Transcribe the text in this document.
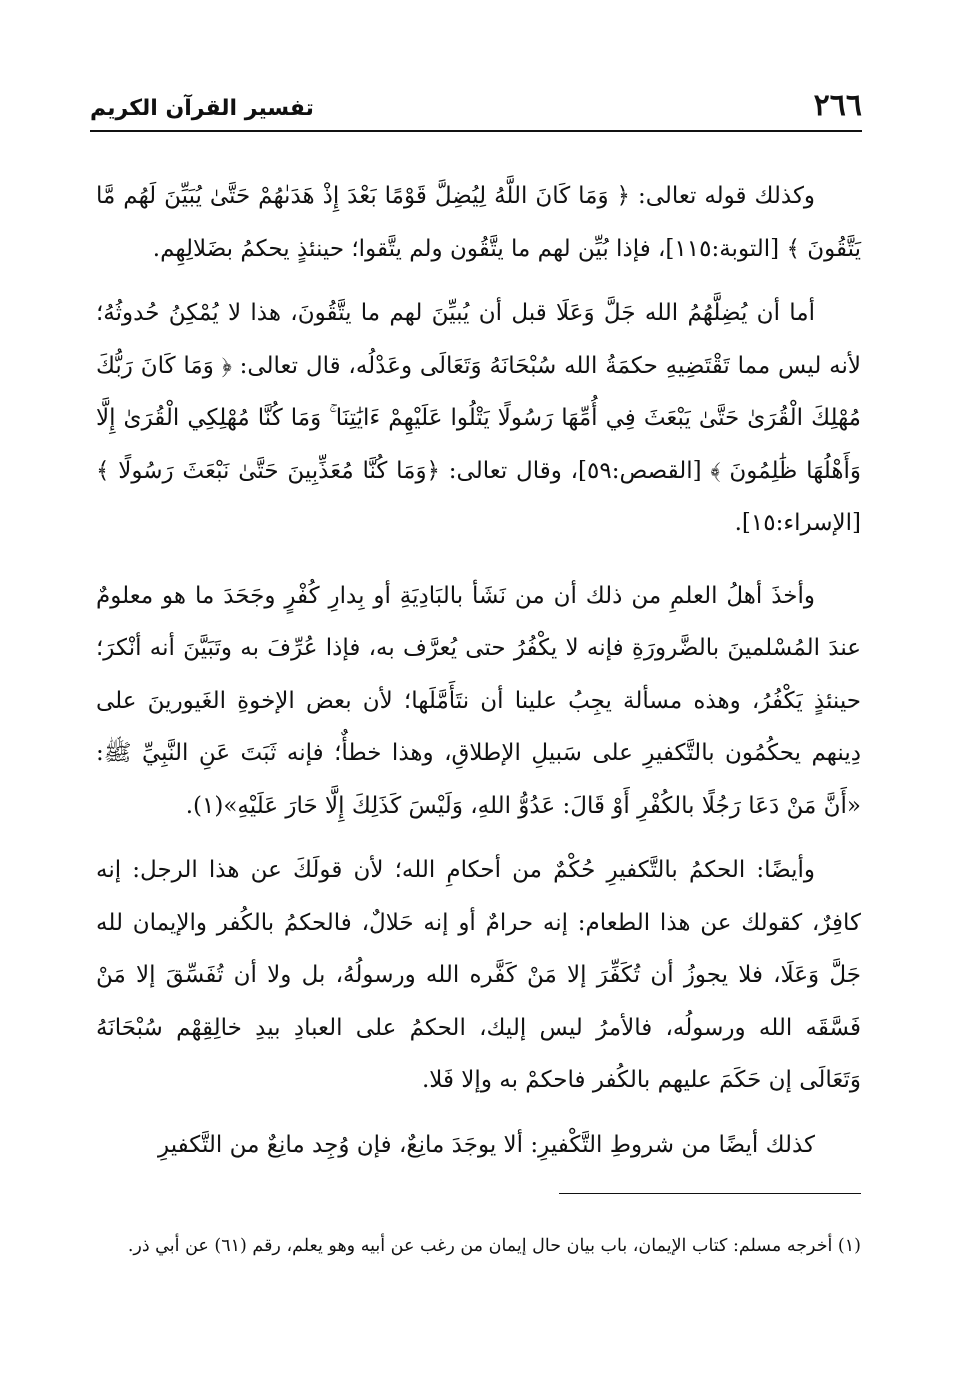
٢٦٦
تفسير القرآن الكريم

وكذلك قوله تعالى: ﴿ وَمَا كَانَ اللَّهُ لِيُضِلَّ قَوْمًا بَعْدَ إِذْ هَدَىٰهُمْ حَتَّىٰ يُبَيِّنَ لَهُم مَّا يَتَّقُونَ ﴾ [التوبة:١١٥]، فإذا بُيِّن لهم ما يتَّقُون ولم يتَّقوا؛ حينئذٍ يحكمُ بضَلالِهِم.

أما أن يُضِلَّهُمُ الله جَلَّ وَعَلَا قبل أن يُبيِّنَ لهم ما يتَّقُونَ، هذا لا يُمْكِنُ حُدوثُهُ؛ لأنه ليس مما تَقْتَضِيهِ حكمَةُ الله سُبْحَانَهُ وَتَعَالَى وعَدْلُه، قال تعالى: ﴿ وَمَا كَانَ رَبُّكَ مُهْلِكَ الْقُرَىٰ حَتَّىٰ يَبْعَثَ فِي أُمِّهَا رَسُولًا يَتْلُوا عَلَيْهِمْ ءَايَٰتِنَا ۚ وَمَا كُنَّا مُهْلِكِي الْقُرَىٰ إِلَّا وَأَهْلُهَا ظَٰلِمُونَ ﴾ [القصص:٥٩]، وقال تعالى: ﴿وَمَا كُنَّا مُعَذِّبِينَ حَتَّىٰ نَبْعَثَ رَسُولًا ﴾ [الإسراء:١٥].

وأخذَ أهلُ العلمِ من ذلك أن من نَشَأ بالبَادِيَةِ أو بِدارِ كُفْرٍ وجَحَدَ ما هو معلومٌ عندَ المُسْلمينَ بالضَّرورَةِ فإنه لا يكْفُرُ حتى يُعرَّف به، فإذا عُرِّفَ به وتَبَيَّنَ أنه أنْكرَ؛ حينئذٍ يَكْفُرُ، وهذه مسألة يجِبُ علينا أن نتَأَمَّلَها؛ لأن بعض الإخوةِ الغَيورينَ على دِينهم يحكُمُون بالتَّكفيرِ على سَبيلِ الإطلاقِ، وهذا خطأٌ؛ فإنه ثَبَتَ عَنِ النَّبِيِّ ﷺ: «أَنَّ مَنْ دَعَا رَجُلًا بالكُفْرِ أَوْ قَالَ: عَدُوُّ اللهِ، وَلَيْسَ كَذَلِكَ إِلَّا حَارَ عَلَيْهِ»(١).

وأيضًا: الحكمُ بالتَّكفيرِ حُكْمٌ من أحكامِ الله؛ لأن قولَكَ عن هذا الرجل: إنه كافِرٌ، كقولك عن هذا الطعام: إنه حرامٌ أو إنه حَلالٌ، فالحكمُ بالكُفر والإيمان لله جَلَّ وَعَلَا، فلا يجوزُ أن تُكَفِّرَ إلا مَنْ كَفَّره الله ورسولُهُ، بل ولا أن تُفَسِّقَ إلا مَنْ فَسَّقَه الله ورسولُه، فالأمرُ ليس إليك، الحكمُ على العبادِ بيدِ خالِقِهْم سُبْحَانَهُ وَتَعَالَى إن حَكَمَ عليهم بالكُفر فاحكمْ به وإلا فَلا.

كذلك أيضًا من شروطِ التَّكْفيرِ: ألا يوجَدَ مانِعٌ، فإن وُجِد مانِعٌ من التَّكفيرِ

(١) أخرجه مسلم: كتاب الإيمان، باب بيان حال إيمان من رغب عن أبيه وهو يعلم، رقم (٦١) عن أبي ذر.
